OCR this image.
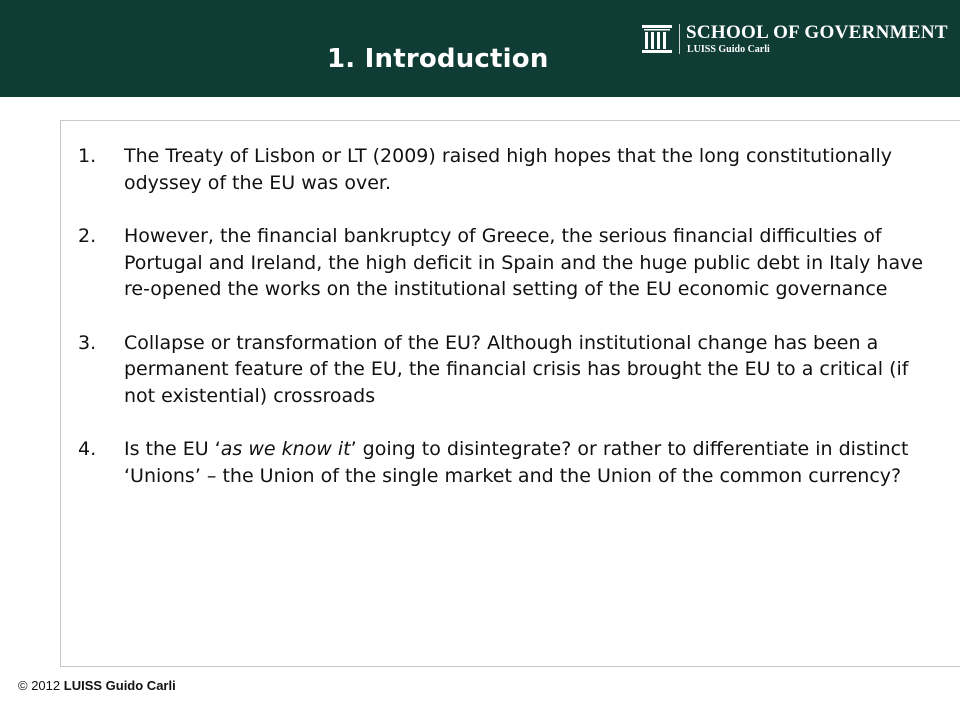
1. Introduction
SCHOOL OF GOVERNMENT
LUISS Guido Carli
1. The Treaty of Lisbon or LT (2009) raised high hopes that the long constitutionally odyssey of the EU was over.
2. However, the financial bankruptcy of Greece, the serious financial difficulties of Portugal and Ireland, the high deficit in Spain and the huge public debt in Italy have re-opened the works on the institutional setting of the EU economic governance
3. Collapse or transformation of the EU? Although institutional change has been a permanent feature of the EU, the financial crisis has brought the EU to a critical (if not existential) crossroads
4. Is the EU ‘as we know it’ going to disintegrate? or rather to differentiate in distinct ‘Unions’ – the Union of the single market and the Union of the common currency?
© 2012 LUISS Guido Carli
